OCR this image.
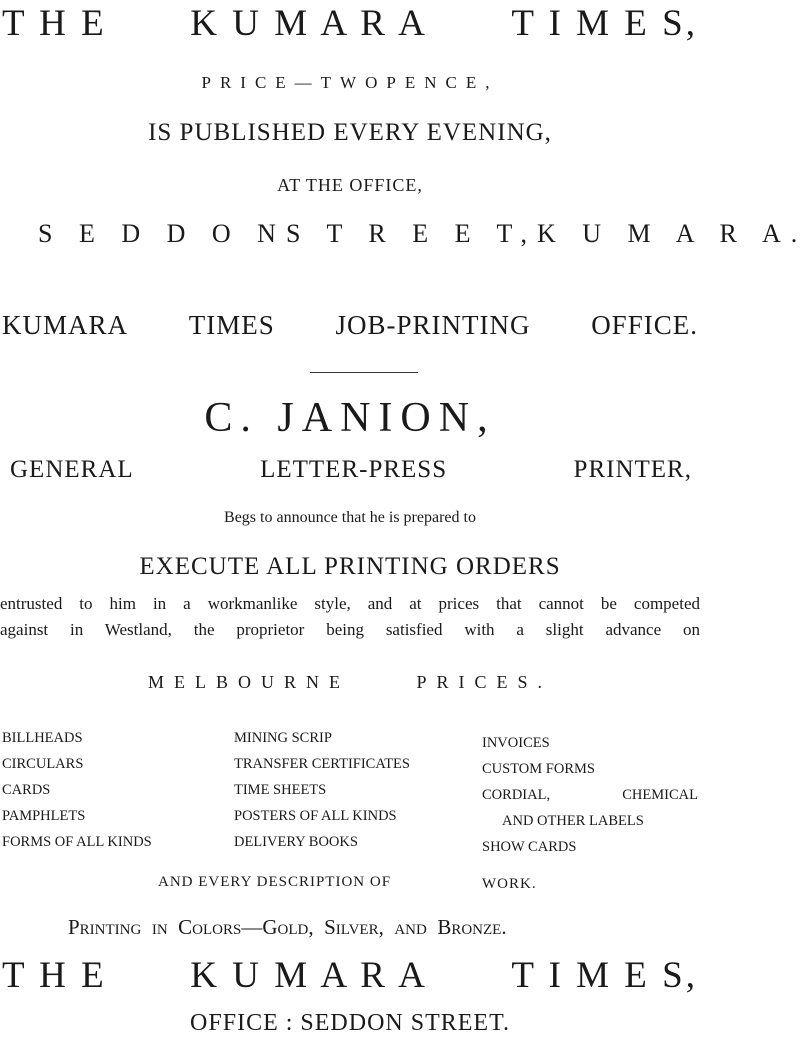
T H E K U M A R A T I M E S,
PRICE—TWOPENCE,
IS PUBLISHED EVERY EVENING,
AT THE OFFICE,
S E D D O N S T R E E T, K U M A R A.
KUMARA TIMES JOB-PRINTING OFFICE.
C. JANION,
GENERAL	LETTER-PRESS	PRINTER,
Begs to announce that he is prepared to
EXECUTE ALL PRINTING ORDERS
entrusted to him in a workmanlike style, and at prices that cannot be competed
against in Westland, the proprietor being satisfied with a slight advance on
MELBOURNE	PRICES.
BILLHEADS
CIRCULARS
CARDS
PAMPHLETS
FORMS OF ALL KINDS
MINING SCRIP
TRANSFER CERTIFICATES
TIME SHEETS
POSTERS OF ALL KINDS
DELIVERY BOOKS
INVOICES
CUSTOM FORMS
CORDIAL,	CHEMICAL
AND OTHER LABELS
SHOW CARDS
AND EVERY DESCRIPTION OF	WORK.
Printing in Colors—Gold, Silver, and Bronze.
T H E K U M A R A T I M E S,
OFFICE : SEDDON STREET.
